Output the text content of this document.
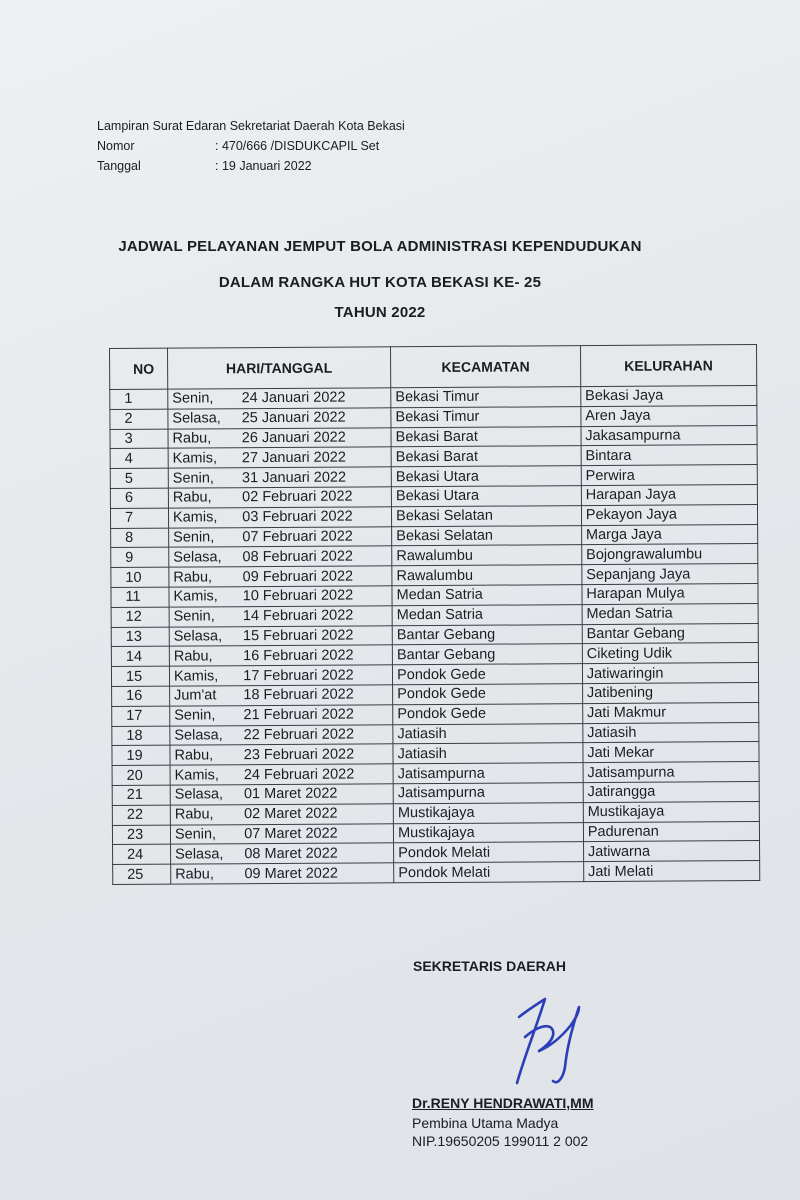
Lampiran Surat Edaran Sekretariat Daerah Kota Bekasi
Nomor	: 470/666 /DISDUKCAPIL Set
Tanggal	: 19 Januari 2022
JADWAL PELAYANAN JEMPUT BOLA ADMINISTRASI KEPENDUDUKAN
DALAM RANGKA HUT KOTA BEKASI KE- 25
TAHUN 2022
NO	HARI/TANGGAL		KECAMATAN	KELURAHAN
1	Senin,	24 Januari 2022	Bekasi Timur	Bekasi Jaya
2	Selasa,	25 Januari 2022	Bekasi Timur	Aren Jaya
3	Rabu,	26 Januari 2022	Bekasi Barat	Jakasampurna
4	Kamis,	27 Januari 2022	Bekasi Barat	Bintara
5	Senin,	31 Januari 2022	Bekasi Utara	Perwira
6	Rabu,	02 Februari 2022	Bekasi Utara	Harapan Jaya
7	Kamis,	03 Februari 2022	Bekasi Selatan	Pekayon Jaya
8	Senin,	07 Februari 2022	Bekasi Selatan	Marga Jaya
9	Selasa,	08 Februari 2022	Rawalumbu	Bojongrawalumbu
10	Rabu,	09 Februari 2022	Rawalumbu	Sepanjang Jaya
11	Kamis,	10 Februari 2022	Medan Satria	Harapan Mulya
12	Senin,	14 Februari 2022	Medan Satria	Medan Satria
13	Selasa,	15 Februari 2022	Bantar Gebang	Bantar Gebang
14	Rabu,	16 Februari 2022	Bantar Gebang	Ciketing Udik
15	Kamis,	17 Februari 2022	Pondok Gede	Jatiwaringin
16	Jum'at	18 Februari 2022	Pondok Gede	Jatibening
17	Senin,	21 Februari 2022	Pondok Gede	Jati Makmur
18	Selasa,	22 Februari 2022	Jatiasih	Jatiasih
19	Rabu,	23 Februari 2022	Jatiasih	Jati Mekar
20	Kamis,	24 Februari 2022	Jatisampurna	Jatisampurna
21	Selasa,	01 Maret 2022	Jatisampurna	Jatirangga
22	Rabu,	02 Maret 2022	Mustikajaya	Mustikajaya
23	Senin,	07 Maret 2022	Mustikajaya	Padurenan
24	Selasa,	08 Maret 2022	Pondok Melati	Jatiwarna
25	Rabu,	09 Maret 2022	Pondok Melati	Jati Melati
SEKRETARIS DAERAH
Dr.RENY HENDRAWATI,MM
Pembina Utama Madya
NIP.19650205 199011 2 002
